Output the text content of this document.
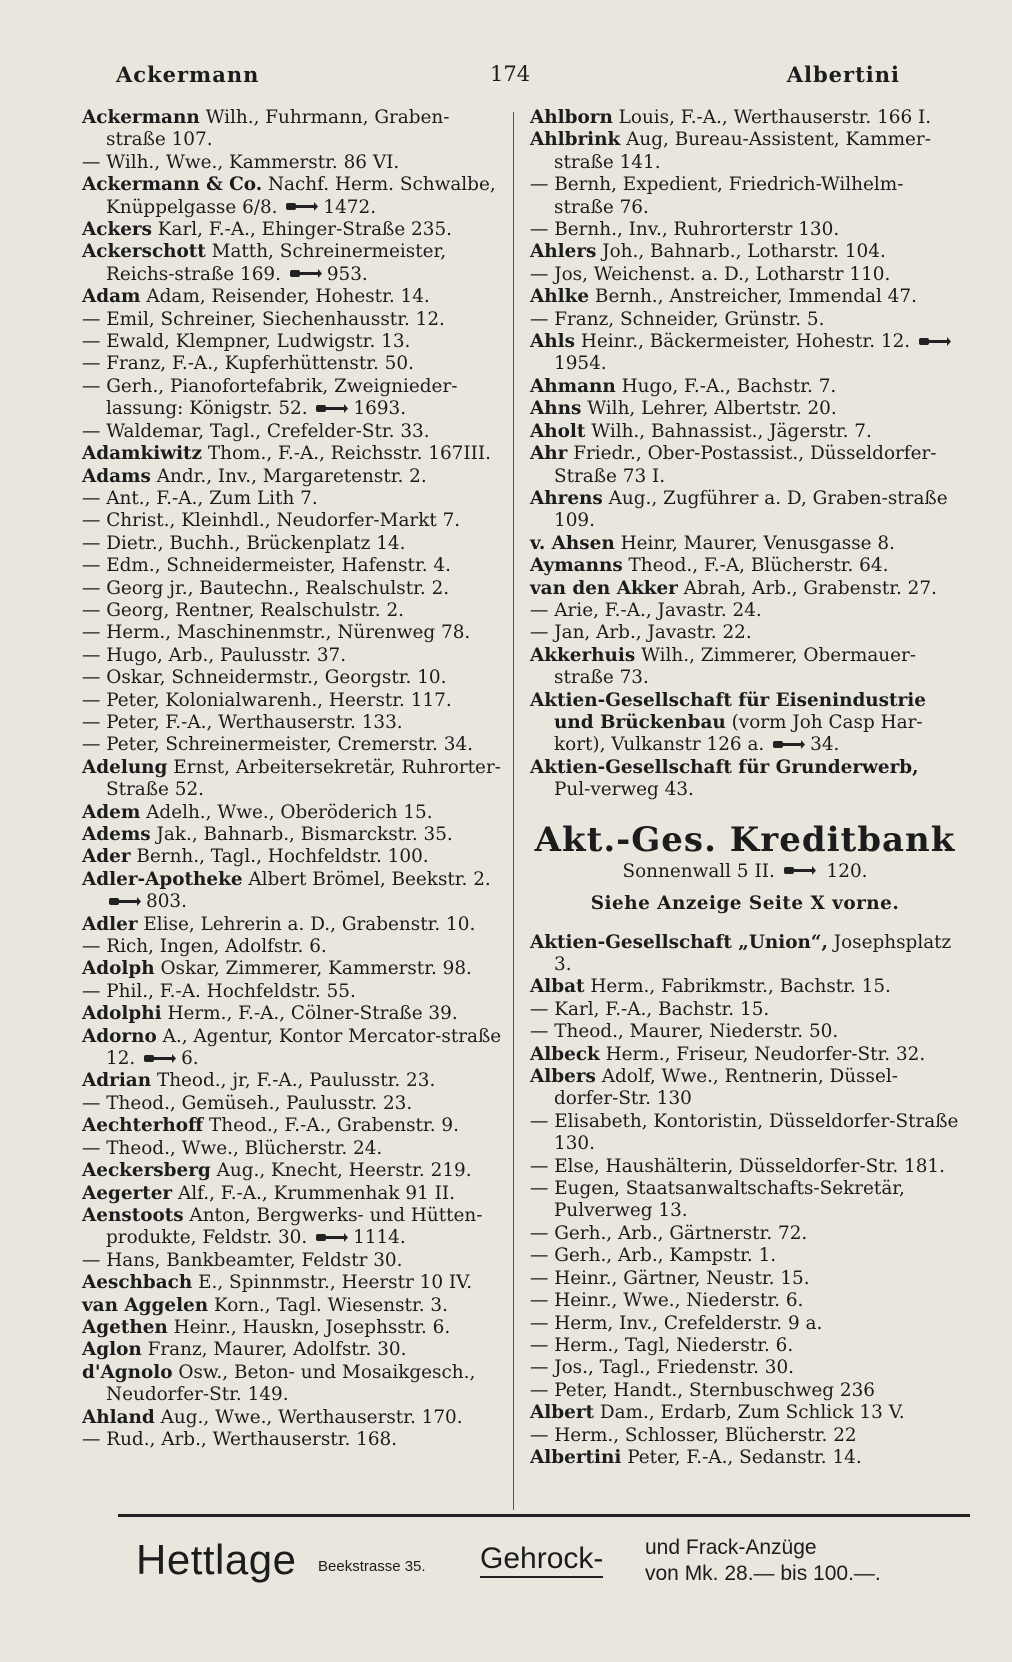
Ackermann	174	Albertini
Ackermann Wilh., Fuhrmann, Graben-straße 107.
— Wilh., Wwe., Kammerstr. 86 VI.
Ackermann & Co. Nachf. Herm. Schwalbe, Knüppelgasse 6/8. 1472.
Ackers Karl, F.-A., Ehinger-Straße 235.
Ackerschott Matth, Schreinermeister, Reichs-straße 169. 953.
Adam Adam, Reisender, Hohestr. 14.
— Emil, Schreiner, Siechenhausstr. 12.
— Ewald, Klempner, Ludwigstr. 13.
— Franz, F.-A., Kupferhüttenstr. 50.
— Gerh., Pianofortefabrik, Zweignieder-lassung: Königstr. 52. 1693.
— Waldemar, Tagl., Crefelder-Str. 33.
Adamkiwitz Thom., F.-A., Reichsstr. 167III.
Adams Andr., Inv., Margaretenstr. 2.
— Ant., F.-A., Zum Lith 7.
— Christ., Kleinhdl., Neudorfer-Markt 7.
— Dietr., Buchh., Brückenplatz 14.
— Edm., Schneidermeister, Hafenstr. 4.
— Georg jr., Bautechn., Realschulstr. 2.
— Georg, Rentner, Realschulstr. 2.
— Herm., Maschinenmstr., Nürenweg 78.
— Hugo, Arb., Paulusstr. 37.
— Oskar, Schneidermstr., Georgstr. 10.
— Peter, Kolonialwarenh., Heerstr. 117.
— Peter, F.-A., Werthauserstr. 133.
— Peter, Schreinermeister, Cremerstr. 34.
Adelung Ernst, Arbeitersekretär, Ruhrorter-Straße 52.
Adem Adelh., Wwe., Oberöderich 15.
Adems Jak., Bahnarb., Bismarckstr. 35.
Ader Bernh., Tagl., Hochfeldstr. 100.
Adler-Apotheke Albert Brömel, Beekstr. 2. 803.
Adler Elise, Lehrerin a. D., Grabenstr. 10.
— Rich, Ingen, Adolfstr. 6.
Adolph Oskar, Zimmerer, Kammerstr. 98.
— Phil., F.-A. Hochfeldstr. 55.
Adolphi Herm., F.-A., Cölner-Straße 39.
Adorno A., Agentur, Kontor Mercator-straße 12. 6.
Adrian Theod., jr, F.-A., Paulusstr. 23.
— Theod., Gemüseh., Paulusstr. 23.
Aechterhoff Theod., F.-A., Grabenstr. 9.
— Theod., Wwe., Blücherstr. 24.
Aeckersberg Aug., Knecht, Heerstr. 219.
Aegerter Alf., F.-A., Krummenhak 91 II.
Aenstoots Anton, Bergwerks- und Hütten-produkte, Feldstr. 30. 1114.
— Hans, Bankbeamter, Feldstr 30.
Aeschbach E., Spinnmstr., Heerstr 10 IV.
van Aggelen Korn., Tagl. Wiesenstr. 3.
Agethen Heinr., Hauskn, Josephsstr. 6.
Aglon Franz, Maurer, Adolfstr. 30.
d'Agnolo Osw., Beton- und Mosaikgesch., Neudorfer-Str. 149.
Ahland Aug., Wwe., Werthauserstr. 170.
— Rud., Arb., Werthauserstr. 168.
Ahlborn Louis, F.-A., Werthauserstr. 166 I.
Ahlbrink Aug, Bureau-Assistent, Kammer-straße 141.
— Bernh, Expedient, Friedrich-Wilhelm-straße 76.
— Bernh., Inv., Ruhrorterstr 130.
Ahlers Joh., Bahnarb., Lotharstr. 104.
— Jos, Weichenst. a. D., Lotharstr 110.
Ahlke Bernh., Anstreicher, Immendal 47.
— Franz, Schneider, Grünstr. 5.
Ahls Heinr., Bäckermeister, Hohestr. 12. 1954.
Ahmann Hugo, F.-A., Bachstr. 7.
Ahns Wilh, Lehrer, Albertstr. 20.
Aholt Wilh., Bahnassist., Jägerstr. 7.
Ahr Friedr., Ober-Postassist., Düsseldorfer-Straße 73 I.
Ahrens Aug., Zugführer a. D, Graben-straße 109.
v. Ahsen Heinr, Maurer, Venusgasse 8.
Aymanns Theod., F.-A, Blücherstr. 64.
van den Akker Abrah, Arb., Grabenstr. 27.
— Arie, F.-A., Javastr. 24.
— Jan, Arb., Javastr. 22.
Akkerhuis Wilh., Zimmerer, Obermauer-straße 73.
Aktien-Gesellschaft für Eisenindustrie und Brückenbau (vorm Joh Casp Har-kort), Vulkanstr 126 a. 34.
Aktien-Gesellschaft für Grunderwerb, Pul-verweg 43.
Akt.-Ges. Kreditbank
Sonnenwall 5 II.	120.
Siehe Anzeige Seite X vorne.
Aktien-Gesellschaft „Union“, Josephsplatz 3.
Albat Herm., Fabrikmstr., Bachstr. 15.
— Karl, F.-A., Bachstr. 15.
— Theod., Maurer, Niederstr. 50.
Albeck Herm., Friseur, Neudorfer-Str. 32.
Albers Adolf, Wwe., Rentnerin, Düssel-dorfer-Str. 130
— Elisabeth, Kontoristin, Düsseldorfer-Straße 130.
— Else, Haushälterin, Düsseldorfer-Str. 181.
— Eugen, Staatsanwaltschafts-Sekretär, Pulverweg 13.
— Gerh., Arb., Gärtnerstr. 72.
— Gerh., Arb., Kampstr. 1.
— Heinr., Gärtner, Neustr. 15.
— Heinr., Wwe., Niederstr. 6.
— Herm, Inv., Crefelderstr. 9 a.
— Herm., Tagl, Niederstr. 6.
— Jos., Tagl., Friedenstr. 30.
— Peter, Handt., Sternbuschweg 236
Albert Dam., Erdarb, Zum Schlick 13 V.
— Herm., Schlosser, Blücherstr. 22
Albertini Peter, F.-A., Sedanstr. 14.
Hettlage Beekstrasse 35. Gehrock- und Frack-Anzüge
von Mk. 28.— bis 100.—.
